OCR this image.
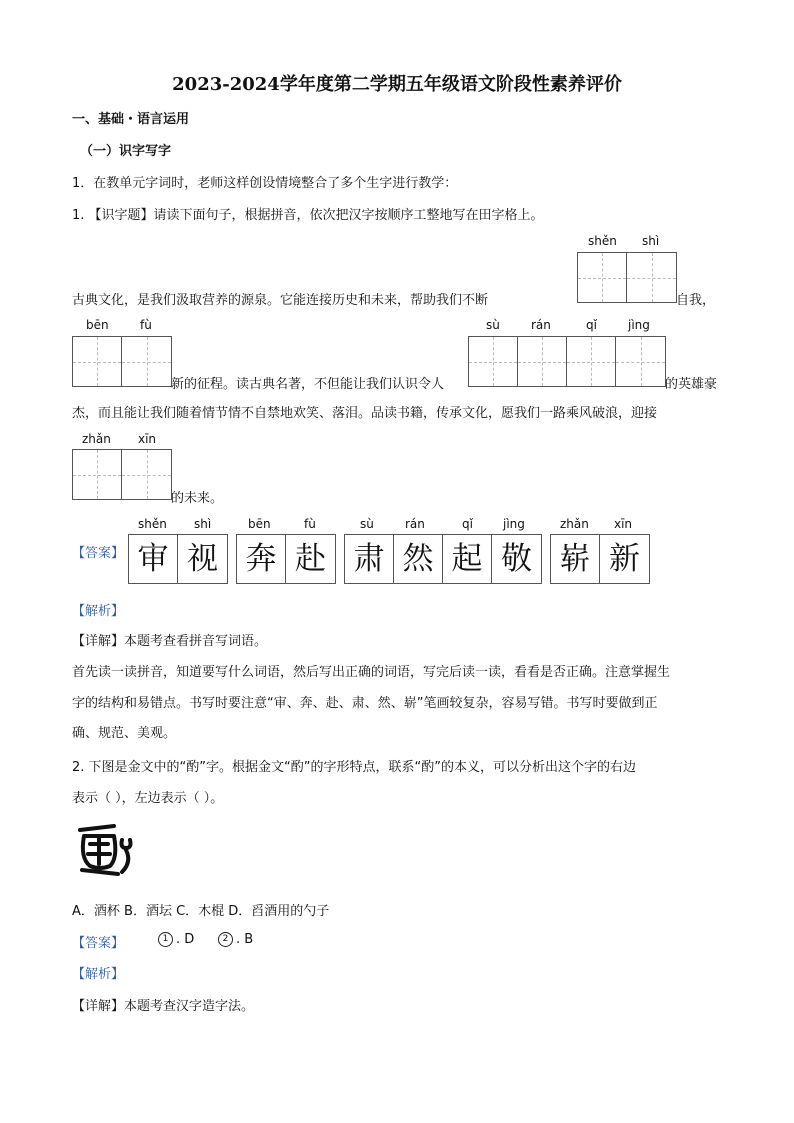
2023-2024学年度第二学期五年级语文阶段性素养评价
一、基础・语言运用
（一）识字写字
1．在教单元字词时，老师这样创设情境整合了多个生字进行教学：
1. 【识字题】请读下面句子，根据拼音，依次把汉字按顺序工整地写在田字格上。
shěn shì
古典文化，是我们汲取营养的源泉。它能连接历史和未来，帮助我们不断	自我，
bēn	fù
新的征程。读古典名著，不但能让我们认识令人
sù	rán	qǐ	jìng
的英雄豪
杰，而且能让我们随着情节情不自禁地欢笑、落泪。品读书籍，传承文化，愿我们一路乘风破浪，迎接
zhǎn xīn
的未来。
shěn shì	bēn	fù	sù	rán	qǐ	jìng	zhǎn xīn
【答案】 审 视 奔 赴 肃 然 起 敬 崭 新
【解析】
【详解】本题考查看拼音写词语。
首先读一读拼音，知道要写什么词语，然后写出正确的词语，写完后读一读，看看是否正确。注意掌握生
字的结构和易错点。书写时要注意“审、奔、赴、肃、然、崭”笔画较复杂，容易写错。书写时要做到正
确、规范、美观。
2. 下图是金文中的“酌”字。根据金文“酌”的字形特点，联系“酌”的本义，可以分析出这个字的右边
表示（ ），左边表示（ ）。
A．酒杯 B．酒坛 C．木棍 D．舀酒用的勺子
【答案】	1 . D	2 . B
【解析】
【详解】本题考查汉字造字法。
